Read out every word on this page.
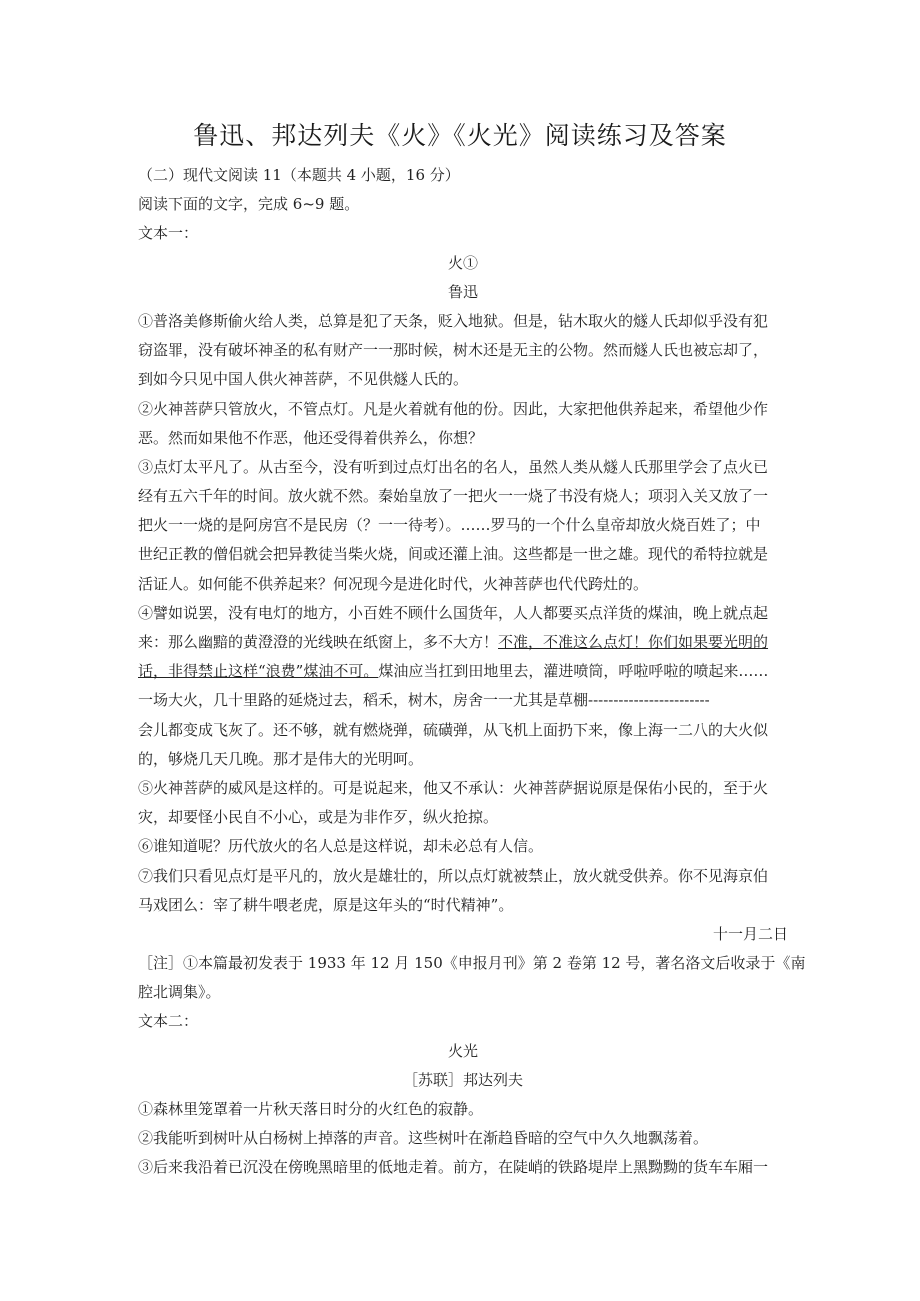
鲁迅、邦达列夫《火》《火光》阅读练习及答案
（二）现代文阅读 11（本题共 4 小题，16 分）
阅读下面的文字，完成 6~9 题。
文本一：
火①
鲁迅
①普洛美修斯偷火给人类，总算是犯了天条，贬入地狱。但是，钻木取火的燧人氏却似乎没有犯
窃盗罪，没有破坏神圣的私有财产一一那时候，树木还是无主的公物。然而燧人氏也被忘却了，
到如今只见中国人供火神菩萨，不见供燧人氏的。
②火神菩萨只管放火，不管点灯。凡是火着就有他的份。因此，大家把他供养起来，希望他少作
恶。然而如果他不作恶，他还受得着供养么，你想？
③点灯太平凡了。从古至今，没有听到过点灯出名的名人，虽然人类从燧人氏那里学会了点火已
经有五六千年的时间。放火就不然。秦始皇放了一把火一一烧了书没有烧人；项羽入关又放了一
把火一一烧的是阿房宫不是民房（？一一待考）。……罗马的一个什么皇帝却放火烧百姓了；中
世纪正教的僧侣就会把异教徒当柴火烧，间或还灌上油。这些都是一世之雄。现代的希特拉就是
活证人。如何能不供养起来？何况现今是进化时代，火神菩萨也代代跨灶的。
④譬如说罢，没有电灯的地方，小百姓不顾什么国货年，人人都要买点洋货的煤油，晚上就点起
来：那么幽黯的黄澄澄的光线映在纸窗上，多不大方！不准，不准这么点灯！你们如果要光明的
话，非得禁止这样“浪费”煤油不可。煤油应当扛到田地里去，灌进喷筒，呼啦呼啦的喷起来……
一场大火，几十里路的延烧过去，稻禾，树木，房舍一一尤其是草棚------------------------
会儿都变成飞灰了。还不够，就有燃烧弹，硫磺弹，从飞机上面扔下来，像上海一二八的大火似
的，够烧几天几晚。那才是伟大的光明呵。
⑤火神菩萨的威风是这样的。可是说起来，他又不承认：火神菩萨据说原是保佑小民的，至于火
灾，却要怪小民自不小心，或是为非作歹，纵火抢掠。
⑥谁知道呢？历代放火的名人总是这样说，却未必总有人信。
⑦我们只看见点灯是平凡的，放火是雄壮的，所以点灯就被禁止，放火就受供养。你不见海京伯
马戏团么：宰了耕牛喂老虎，原是这年头的“时代精神”。
十一月二日
［注］①本篇最初发表于 1933 年 12 月 150《申报月刊》第 2 卷第 12 号，著名洛文后收录于《南
腔北调集》。
文本二：
火光
［苏联］邦达列夫
①森林里笼罩着一片秋天落日时分的火红色的寂静。
②我能听到树叶从白杨树上掉落的声音。这些树叶在渐趋昏暗的空气中久久地飘荡着。
③后来我沿着已沉没在傍晚黑暗里的低地走着。前方，在陡峭的铁路堤岸上黑黝黝的货车车厢一
